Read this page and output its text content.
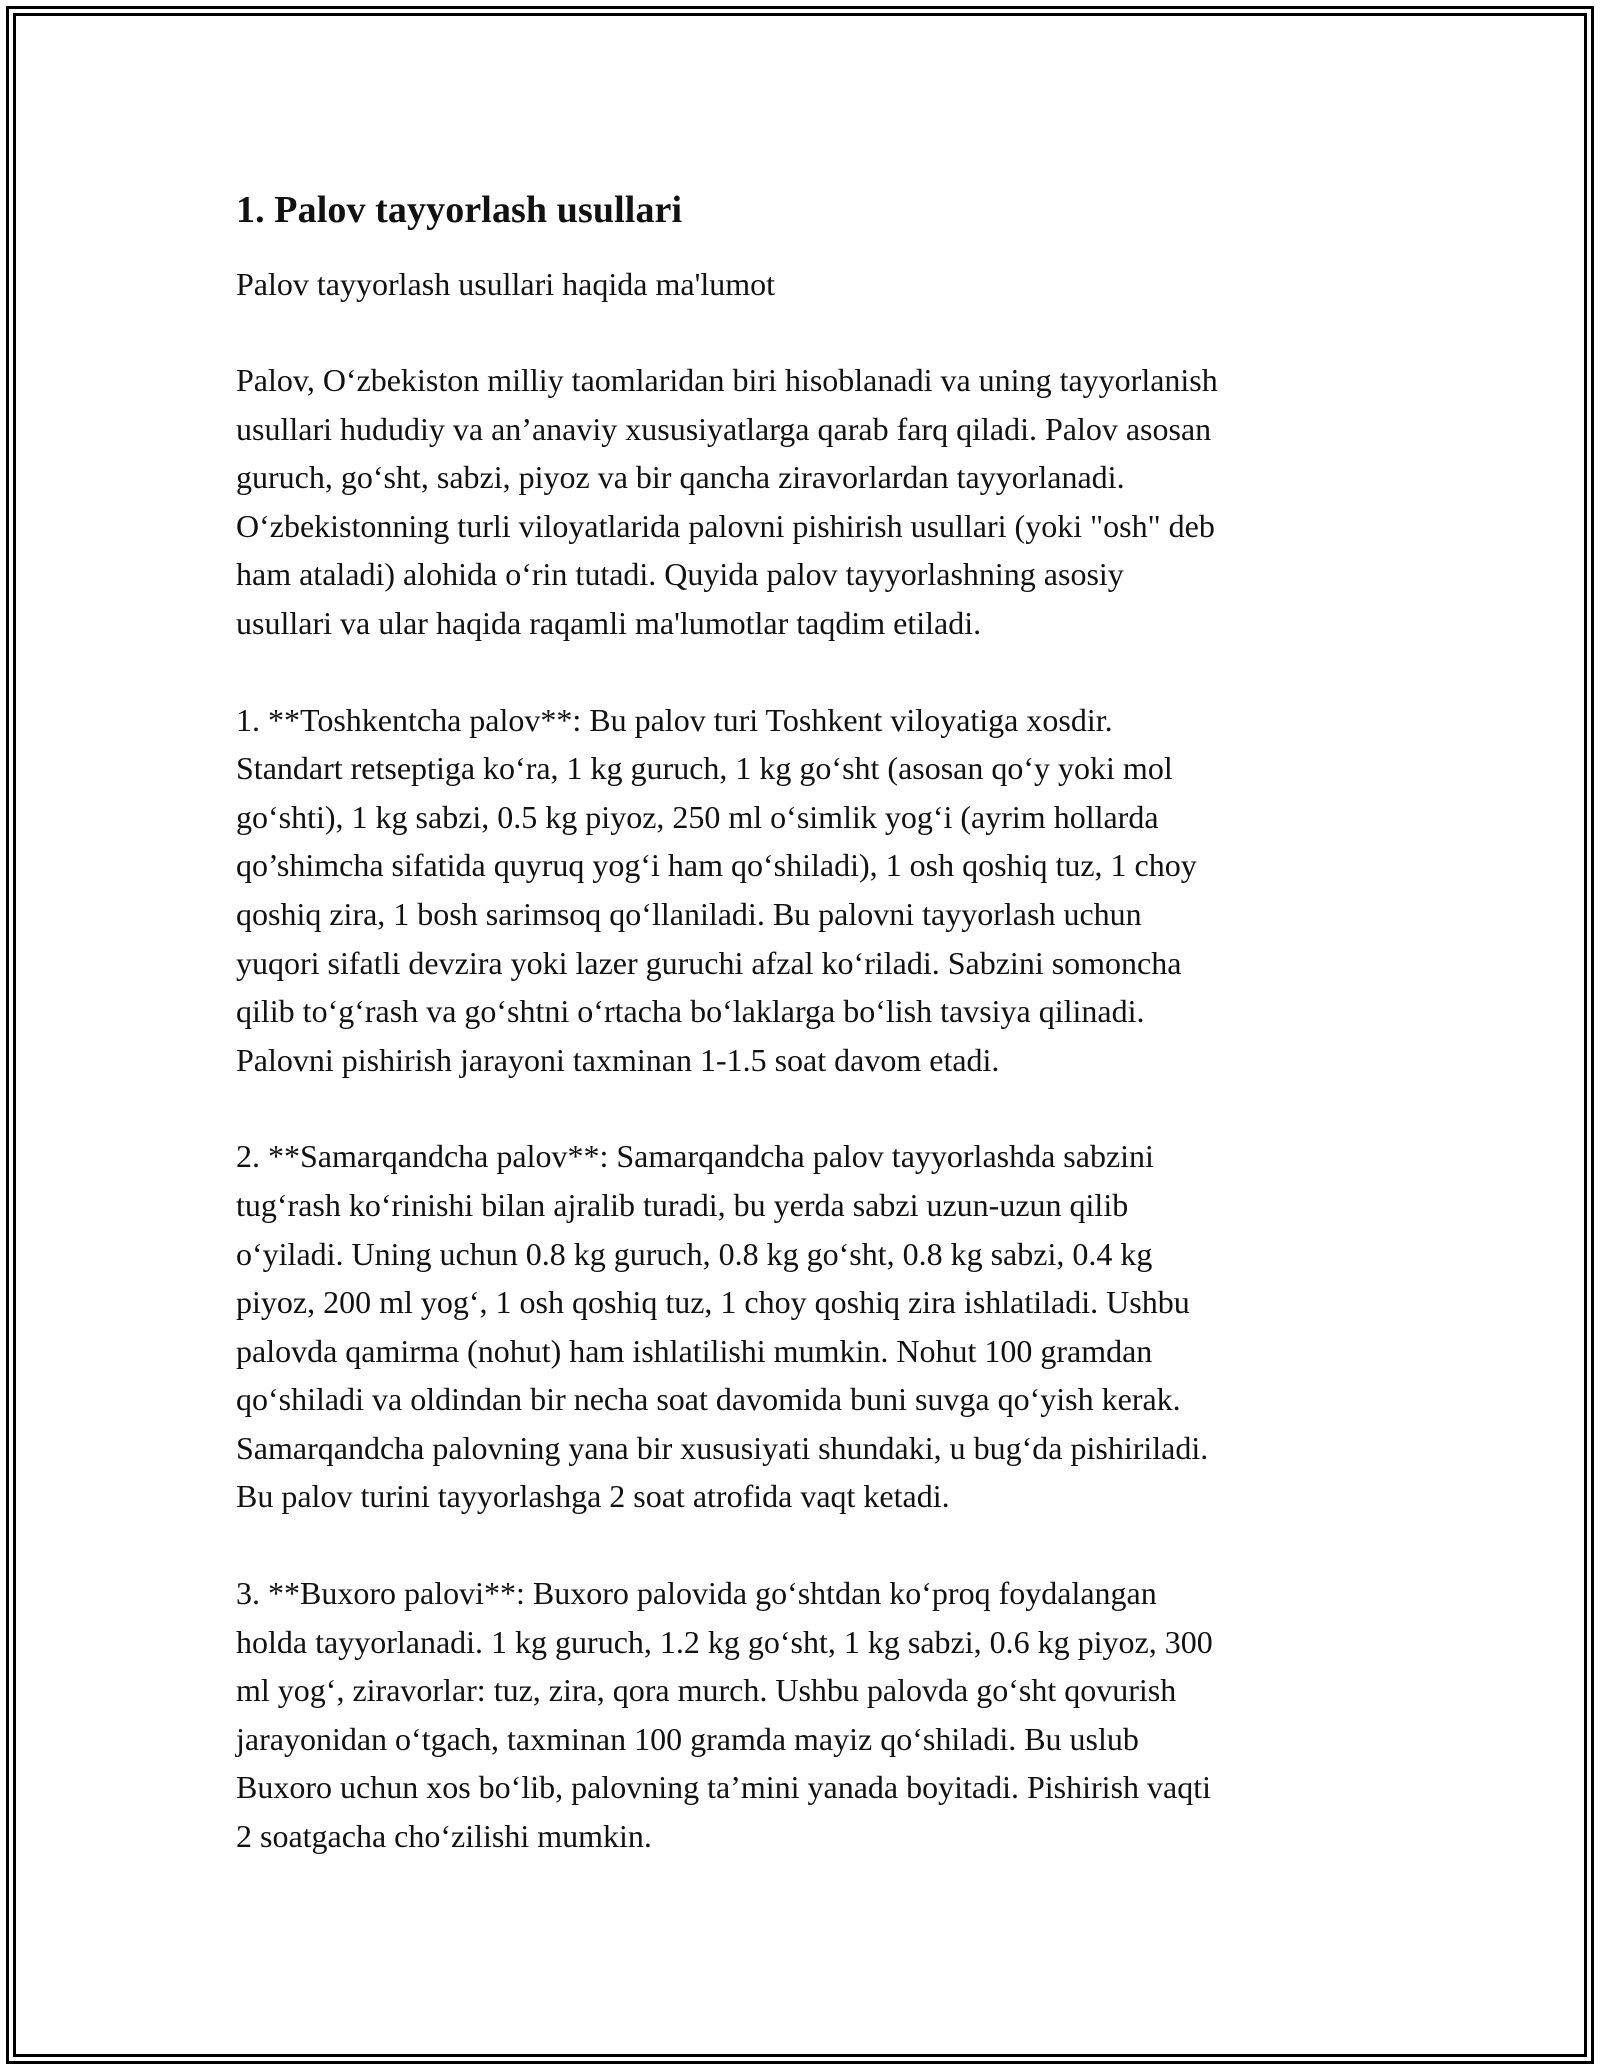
1. Palov tayyorlash usullari

Palov tayyorlash usullari haqida ma'lumot

Palov, O‘zbekiston milliy taomlaridan biri hisoblanadi va uning tayyorlanish
usullari hududiy va an’anaviy xususiyatlarga qarab farq qiladi. Palov asosan
guruch, go‘sht, sabzi, piyoz va bir qancha ziravorlardan tayyorlanadi.
O‘zbekistonning turli viloyatlarida palovni pishirish usullari (yoki "osh" deb
ham ataladi) alohida o‘rin tutadi. Quyida palov tayyorlashning asosiy
usullari va ular haqida raqamli ma'lumotlar taqdim etiladi.

1. **Toshkentcha palov**: Bu palov turi Toshkent viloyatiga xosdir.
Standart retseptiga ko‘ra, 1 kg guruch, 1 kg go‘sht (asosan qo‘y yoki mol
go‘shti), 1 kg sabzi, 0.5 kg piyoz, 250 ml o‘simlik yog‘i (ayrim hollarda
qo’shimcha sifatida quyruq yog‘i ham qo‘shiladi), 1 osh qoshiq tuz, 1 choy
qoshiq zira, 1 bosh sarimsoq qo‘llaniladi. Bu palovni tayyorlash uchun
yuqori sifatli devzira yoki lazer guruchi afzal ko‘riladi. Sabzini somoncha
qilib to‘g‘rash va go‘shtni o‘rtacha bo‘laklarga bo‘lish tavsiya qilinadi.
Palovni pishirish jarayoni taxminan 1-1.5 soat davom etadi.

2. **Samarqandcha palov**: Samarqandcha palov tayyorlashda sabzini
tug‘rash ko‘rinishi bilan ajralib turadi, bu yerda sabzi uzun-uzun qilib
o‘yiladi. Uning uchun 0.8 kg guruch, 0.8 kg go‘sht, 0.8 kg sabzi, 0.4 kg
piyoz, 200 ml yog‘, 1 osh qoshiq tuz, 1 choy qoshiq zira ishlatiladi. Ushbu
palovda qamirma (nohut) ham ishlatilishi mumkin. Nohut 100 gramdan
qo‘shiladi va oldindan bir necha soat davomida buni suvga qo‘yish kerak.
Samarqandcha palovning yana bir xususiyati shundaki, u bug‘da pishiriladi.
Bu palov turini tayyorlashga 2 soat atrofida vaqt ketadi.

3. **Buxoro palovi**: Buxoro palovida go‘shtdan ko‘proq foydalangan
holda tayyorlanadi. 1 kg guruch, 1.2 kg go‘sht, 1 kg sabzi, 0.6 kg piyoz, 300
ml yog‘, ziravorlar: tuz, zira, qora murch. Ushbu palovda go‘sht qovurish
jarayonidan o‘tgach, taxminan 100 gramda mayiz qo‘shiladi. Bu uslub
Buxoro uchun xos bo‘lib, palovning ta’mini yanada boyitadi. Pishirish vaqti
2 soatgacha cho‘zilishi mumkin.
